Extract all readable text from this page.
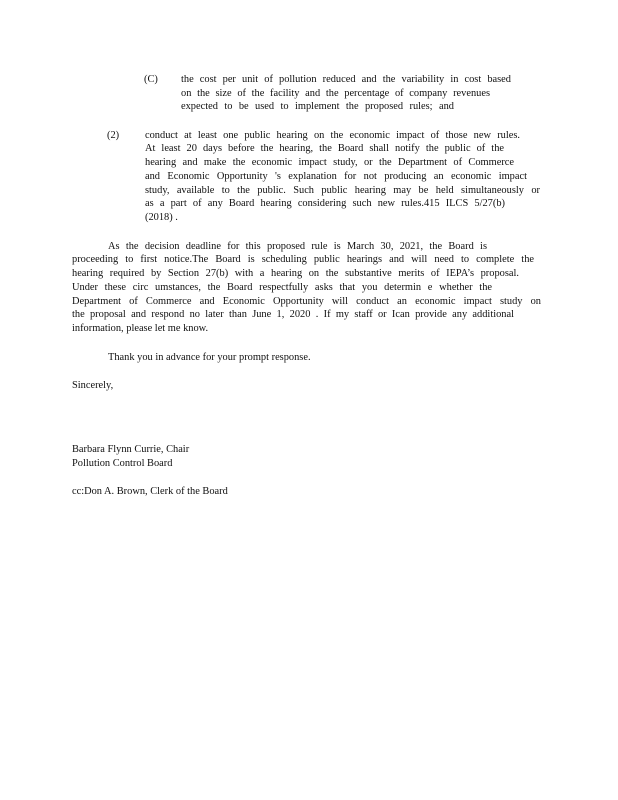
(C) the cost per unit of pollution reduced and the variability in cost based
on the size of the facility and the percentage of company revenues
expected to be used to implement the proposed rules; and
(2) conduct at least one public hearing on the economic impact of those new rules.
At least 20 days before the hearing, the Board shall notify the public of the
hearing and make the economic impact study, or the Department of Commerce
and Economic Opportunity 's explanation for not producing an economic impact
study, available to the public. Such public hearing may be held simultaneously or
as a part of any Board hearing considering such new rules.415 ILCS 5/27(b)
(2018) .
As the decision deadline for this proposed rule is March 30, 2021, the Board is
proceeding to first notice.The Board is scheduling public hearings and will need to complete the
hearing required by Section 27(b) with a hearing on the substantive merits of IEPA’s proposal.
Under these circ umstances, the Board respectfully asks that you determin e whether the
Department of Commerce and Economic Opportunity will conduct an economic impact study on
the proposal and respond no later than June 1, 2020 . If my staff or Ican provide any additional
information, please let me know.
Thank you in advance for your prompt response.
Sincerely,
Barbara Flynn Currie, Chair
Pollution Control Board
cc:Don A. Brown, Clerk of the Board
